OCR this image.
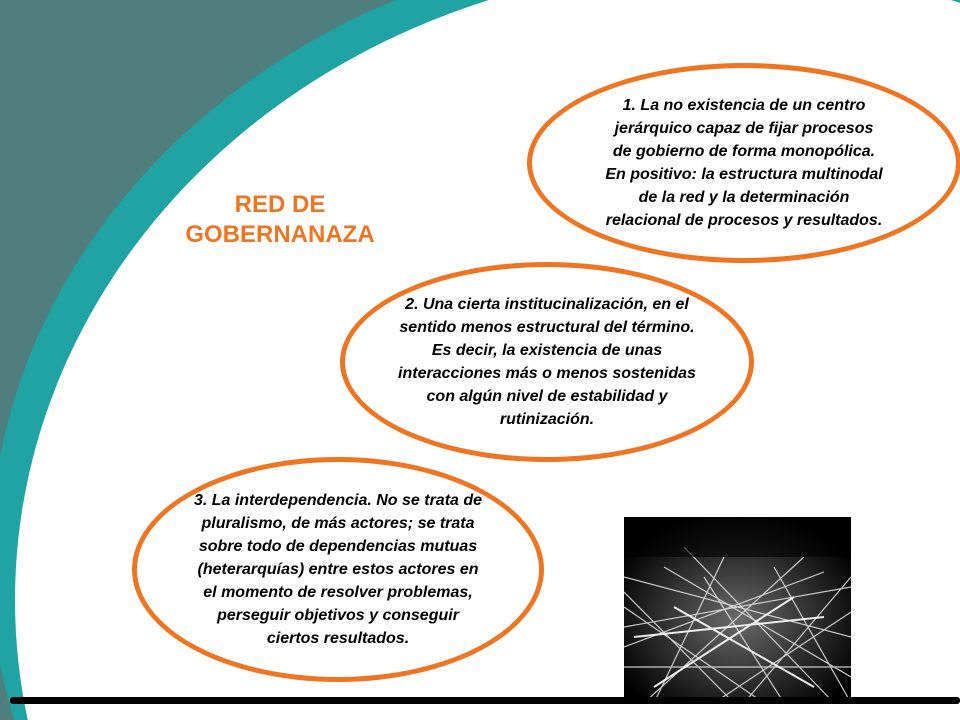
RED DE GOBERNANAZA
1. La no existencia de un centro jerárquico capaz de fijar procesos de gobierno de forma monopólica. En positivo: la estructura multinodal de la red y la determinación relacional de procesos y resultados.
2. Una cierta institucinalización, en el sentido menos estructural del término. Es decir, la existencia de unas interacciones más o menos sostenidas con algún nivel de estabilidad y rutinización.
3. La interdependencia. No se trata de pluralismo, de más actores; se trata sobre todo de dependencias mutuas (heterarquías) entre estos actores en el momento de resolver problemas, perseguir objetivos y conseguir ciertos resultados.
